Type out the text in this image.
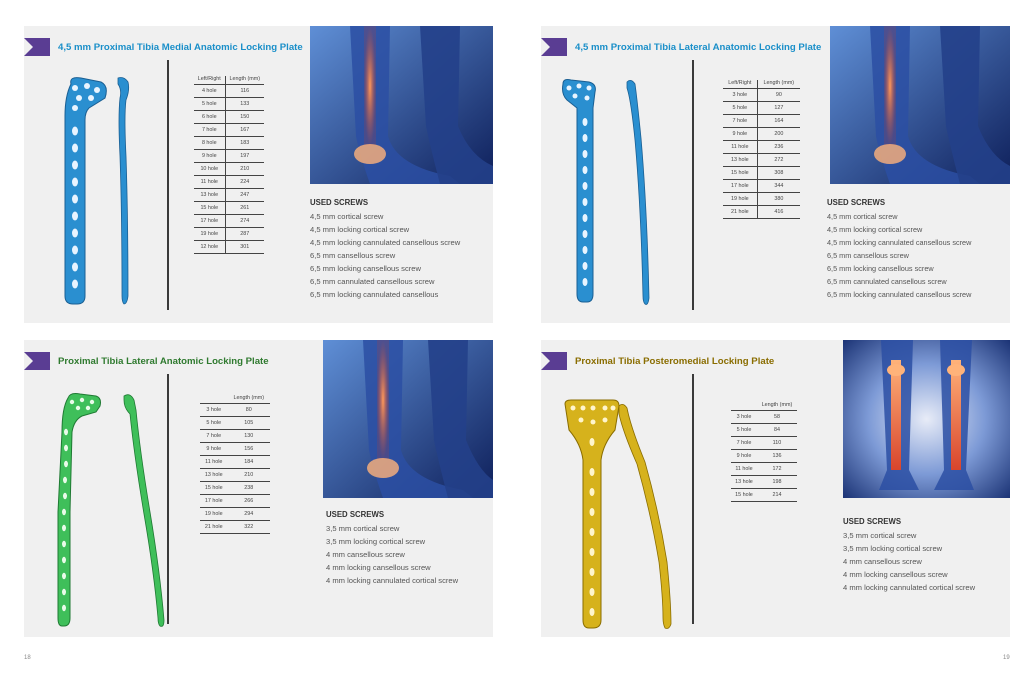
4,5 mm Proximal Tibia Medial Anatomic Locking Plate
Left/Right	Length (mm)
4 hole	116
5 hole	133
6 hole	150
7 hole	167
8 hole	183
9 hole	197
10 hole	210
11 hole	224
13 hole	247
15 hole	261
17 hole	274
19 hole	287
12 hole	301
USED SCREWS
4,5 mm cortical screw
4,5 mm locking cortical screw
4,5 mm locking cannulated cansellous screw
6,5 mm cansellous screw
6,5 mm locking cansellous screw
6,5 mm cannulated cansellous screw
6,5 mm locking cannulated cansellous
4,5 mm Proximal Tibia Lateral Anatomic Locking Plate
Left/Right	Length (mm)
3 hole	90
5 hole	127
7 hole	164
9 hole	200
11 hole	236
13 hole	272
15 hole	308
17 hole	344
19 hole	380
21 hole	416
USED SCREWS
4,5 mm cortical screw
4,5 mm locking cortical screw
4,5 mm locking cannulated cansellous screw
6,5 mm cansellous screw
6,5 mm locking cansellous screw
6,5 mm cannulated cansellous screw
6,5 mm locking cannulated cansellous screw
Proximal Tibia Lateral Anatomic Locking Plate
	Length (mm)
3 hole	80
5 hole	105
7 hole	130
9 hole	156
11 hole	184
13 hole	210
15 hole	238
17 hole	266
19 hole	294
21 hole	322
USED SCREWS
3,5 mm cortical screw
3,5 mm locking cortical screw
4 mm cansellous screw
4 mm locking cansellous screw
4 mm locking cannulated cortical screw
Proximal Tibia Posteromedial Locking Plate
	Length (mm)
3 hole	58
5 hole	84
7 hole	110
9 hole	136
11 hole	172
13 hole	198
15 hole	214
USED SCREWS
3,5 mm cortical screw
3,5 mm locking cortical screw
4 mm cansellous screw
4 mm locking cansellous screw
4 mm locking cannulated cortical screw
18	19
